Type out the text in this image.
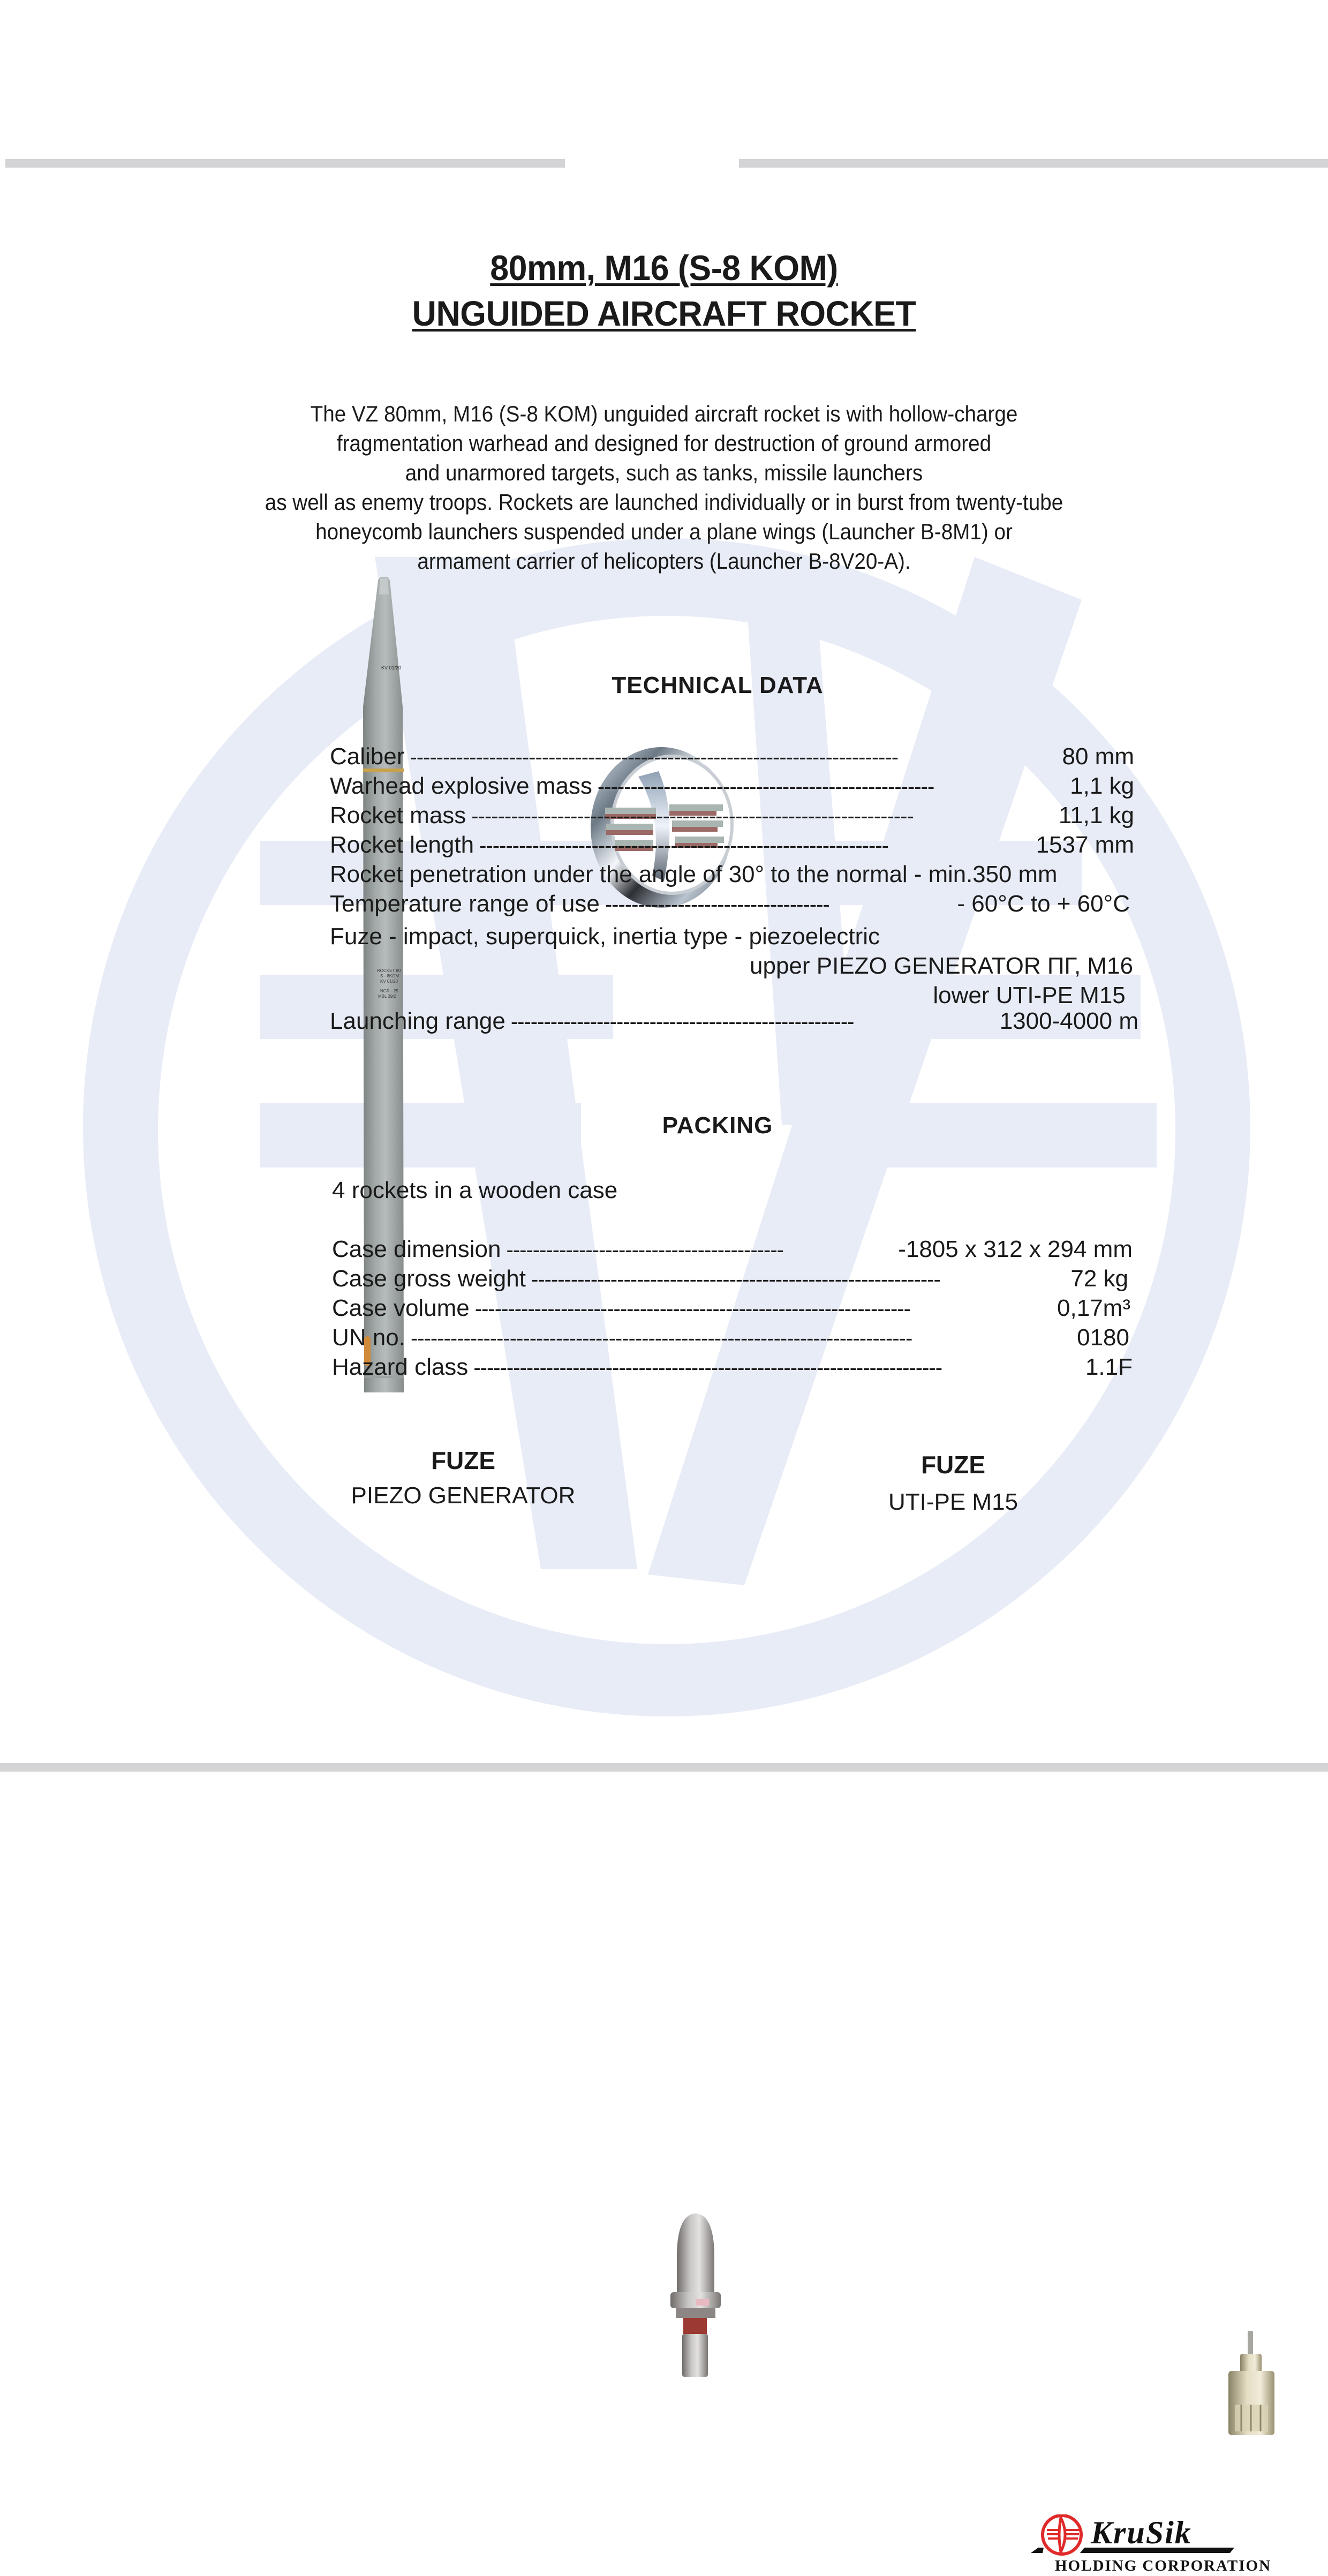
80mm, M16 (S-8 KOM)
UNGUIDED AIRCRAFT ROCKET
The VZ 80mm, M16 (S-8 KOM) unguided aircraft rocket is with hollow-charge
fragmentation warhead and designed for destruction of ground armored
and unarmored targets, such as tanks, missile launchers
as well as enemy troops. Rockets are launched individually or in burst from twenty-tube
honeycomb launchers suspended under a plane wings (Launcher B-8M1) or
armament carrier of helicopters (Launcher B-8V20-A).
KV 01/20
ROCKET 80
S - 8KOM
KV 01/20
NGR - 25
MBL 39/2

TECHNICAL DATA
Caliber --------------------------------------------------------------------------	80 mm
Warhead explosive mass ---------------------------------------------------	1,1 kg
Rocket mass -------------------------------------------------------------------	11,1 kg
Rocket length --------------------------------------------------------------	1537 mm
Rocket penetration under the angle of 30° to the normal - min.350 mm
Temperature range of use ----------------------------------	- 60°C to + 60°C
Fuze - impact, superquick, inertia type - piezoelectric
upper PIEZO GENERATOR ПГ, M16
lower UTI-PE M15
Launching range ----------------------------------------------------	1300-4000 m
PACKING
4 rockets in a wooden case
Case dimension ------------------------------------------	-1805 x 312 x 294 mm
Case gross weight --------------------------------------------------------------	72 kg
Case volume ------------------------------------------------------------------	0,17m³
UN no. ----------------------------------------------------------------------------	0180
Hazard class -----------------------------------------------------------------------	1.1F
FUZE
PIEZO GENERATOR
FUZE
UTI-PE M15

KruSik
HOLDING CORPORATION
